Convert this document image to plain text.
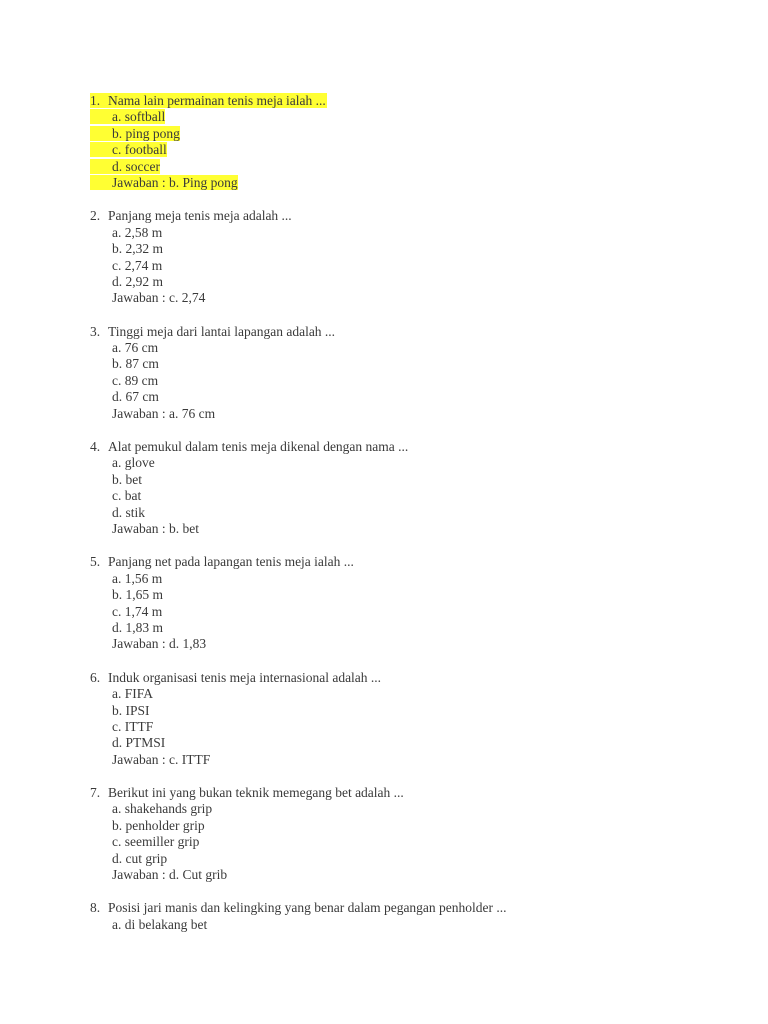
1. Nama lain permainan tenis meja ialah ...
a. softball
b. ping pong
c. football
d. soccer
Jawaban : b. Ping pong
2. Panjang meja tenis meja adalah ...
a. 2,58 m
b. 2,32 m
c. 2,74 m
d. 2,92 m
Jawaban : c. 2,74
3. Tinggi meja dari lantai lapangan adalah ...
a. 76 cm
b. 87 cm
c. 89 cm
d. 67 cm
Jawaban : a. 76 cm
4. Alat pemukul dalam tenis meja dikenal dengan nama ...
a. glove
b. bet
c. bat
d. stik
Jawaban : b. bet
5. Panjang net pada lapangan tenis meja ialah ...
a. 1,56 m
b. 1,65 m
c. 1,74 m
d. 1,83 m
Jawaban : d. 1,83
6. Induk organisasi tenis meja internasional adalah ...
a. FIFA
b. IPSI
c. ITTF
d. PTMSI
Jawaban : c. ITTF
7. Berikut ini yang bukan teknik memegang bet adalah ...
a. shakehands grip
b. penholder grip
c. seemiller grip
d. cut grip
Jawaban : d. Cut grib
8. Posisi jari manis dan kelingking yang benar dalam pegangan penholder ...
a. di belakang bet
